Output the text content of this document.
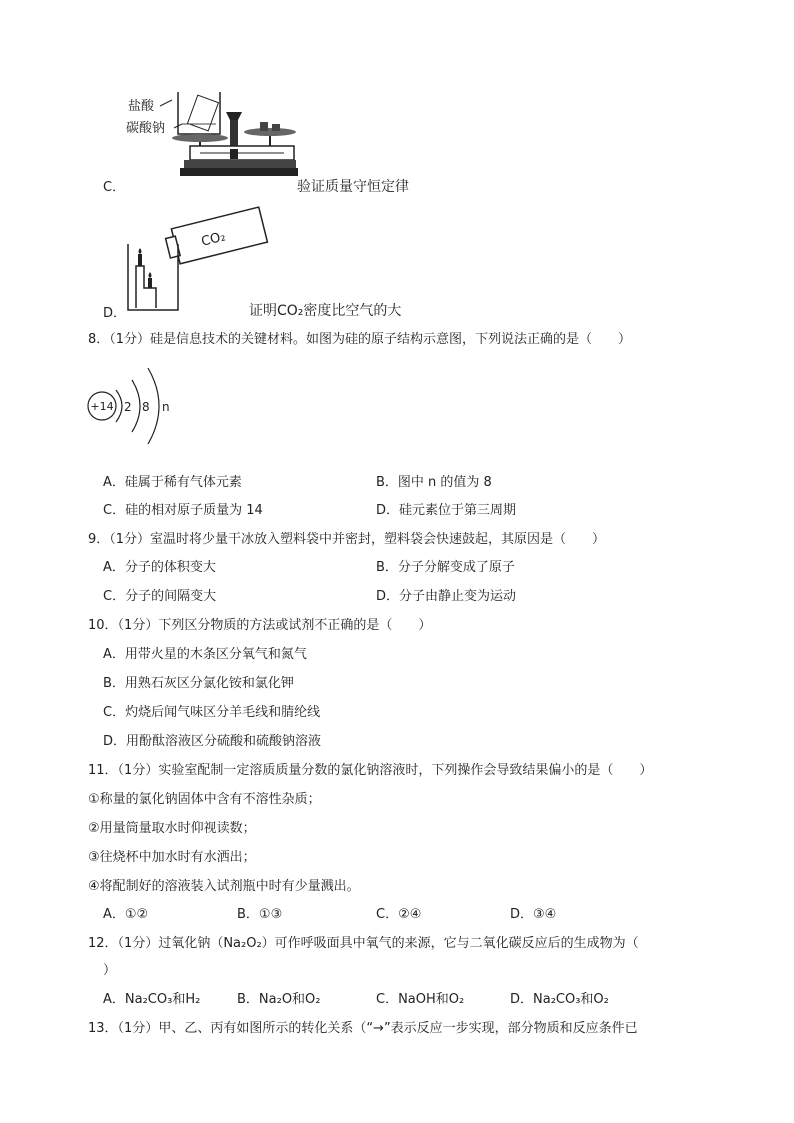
C．
盐酸
碳酸钠
验证质量守恒定律
D．
CO₂
证明CO₂密度比空气的大
8．（1分）硅是信息技术的关键材料。如图为硅的原子结构示意图，下列说法正确的是（　　）
+14 2 8 n
A．硅属于稀有气体元素	B．图中 n 的值为 8
C．硅的相对原子质量为 14	D．硅元素位于第三周期
9．（1分）室温时将少量干冰放入塑料袋中并密封，塑料袋会快速鼓起，其原因是（　　）
A．分子的体积变大	B．分子分解变成了原子
C．分子的间隔变大	D．分子由静止变为运动
10．（1分）下列区分物质的方法或试剂不正确的是（　　）
A．用带火星的木条区分氧气和氮气
B．用熟石灰区分氯化铵和氯化钾
C．灼烧后闻气味区分羊毛线和腈纶线
D．用酚酞溶液区分硫酸和硫酸钠溶液
11．（1分）实验室配制一定溶质质量分数的氯化钠溶液时，下列操作会导致结果偏小的是（　　）
①称量的氯化钠固体中含有不溶性杂质；
②用量筒量取水时仰视读数；
③往烧杯中加水时有水洒出；
④将配制好的溶液装入试剂瓶中时有少量溅出。
A．①②	B．①③	C．②④	D．③④
12．（1分）过氧化钠（Na₂O₂）可作呼吸面具中氧气的来源，它与二氧化碳反应后的生成物为（
）
A．Na₂CO₃和H₂	B．Na₂O和O₂	C．NaOH和O₂	D．Na₂CO₃和O₂
13．（1分）甲、乙、丙有如图所示的转化关系（“→”表示反应一步实现，部分物质和反应条件已
